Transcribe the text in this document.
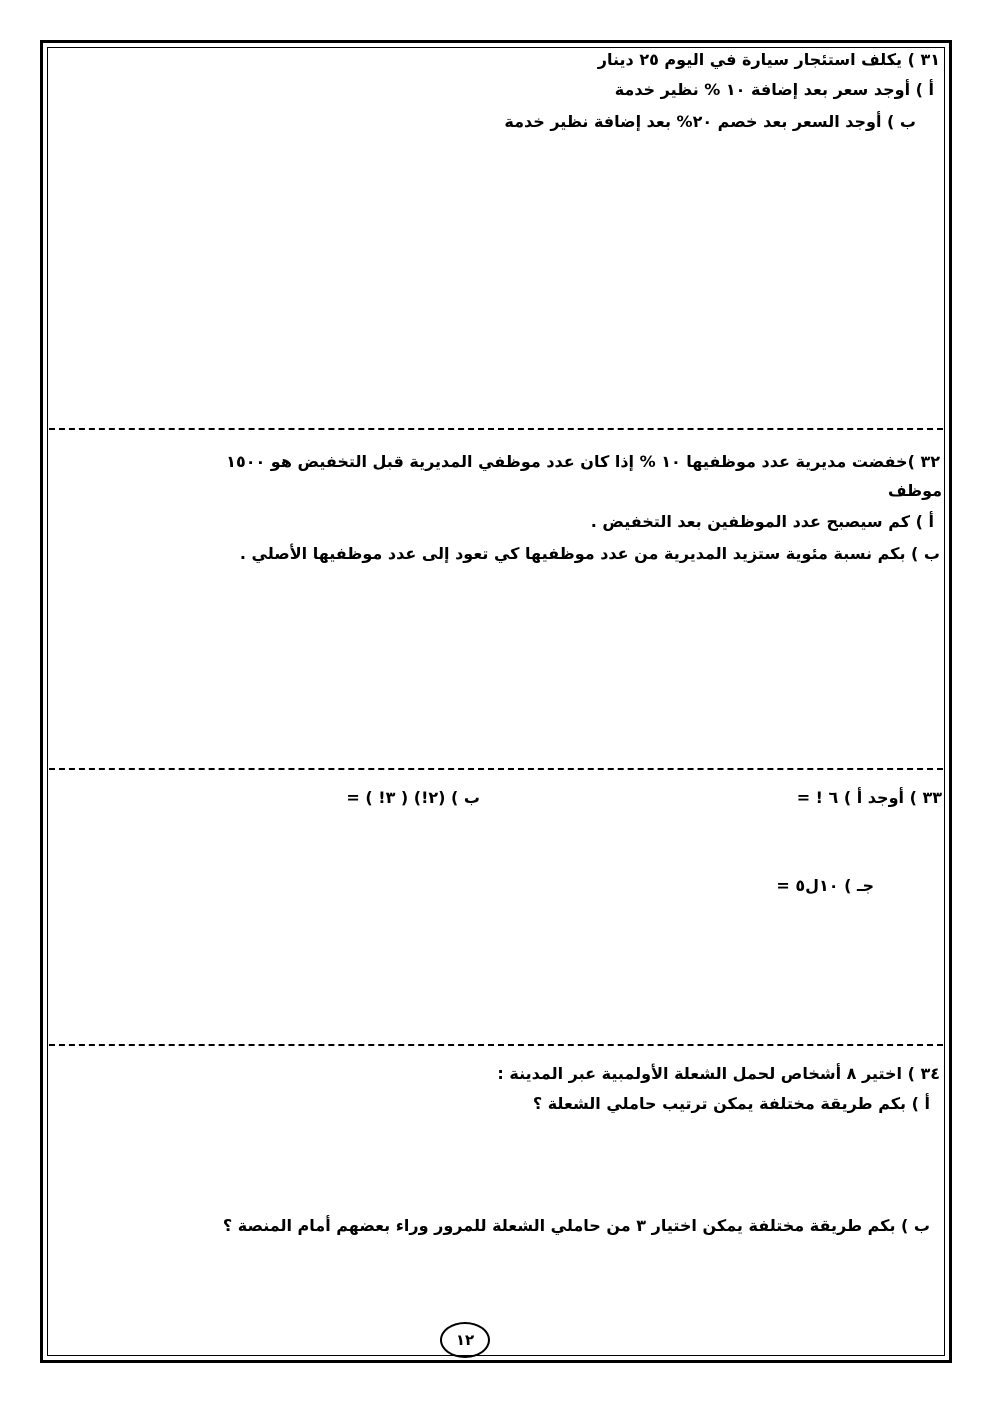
٣١ ) يكلف استئجار سيارة في اليوم ٢٥ دينار
أ ) أوجد سعر بعد إضافة ١٠ % نظير خدمة
ب ) أوجد السعر بعد خصم ٢٠% بعد إضافة نظير خدمة
٣٢ )خفضت مديرية عدد موظفيها ١٠ % إذا كان عدد موظفي المديرية قبل التخفيض هو ١٥٠٠
موظف
أ ) كم سيصبح عدد الموظفين بعد التخفيض .
ب ) بكم نسبة مئوية ستزيد المديرية من عدد موظفيها كي تعود إلى عدد موظفيها الأصلي .
٣٣ ) أوجد أ ) ٦ ! =
ب ) (٢!) ( ٣! ) =
جـ ) ١٠ل٥ =
٣٤ ) اختير ٨ أشخاص لحمل الشعلة الأولمبية عبر المدينة :
أ ) بكم طريقة مختلفة يمكن ترتيب حاملي الشعلة ؟
ب ) بكم طريقة مختلفة يمكن اختيار ٣ من حاملي الشعلة للمرور وراء بعضهم أمام المنصة ؟
١٢
